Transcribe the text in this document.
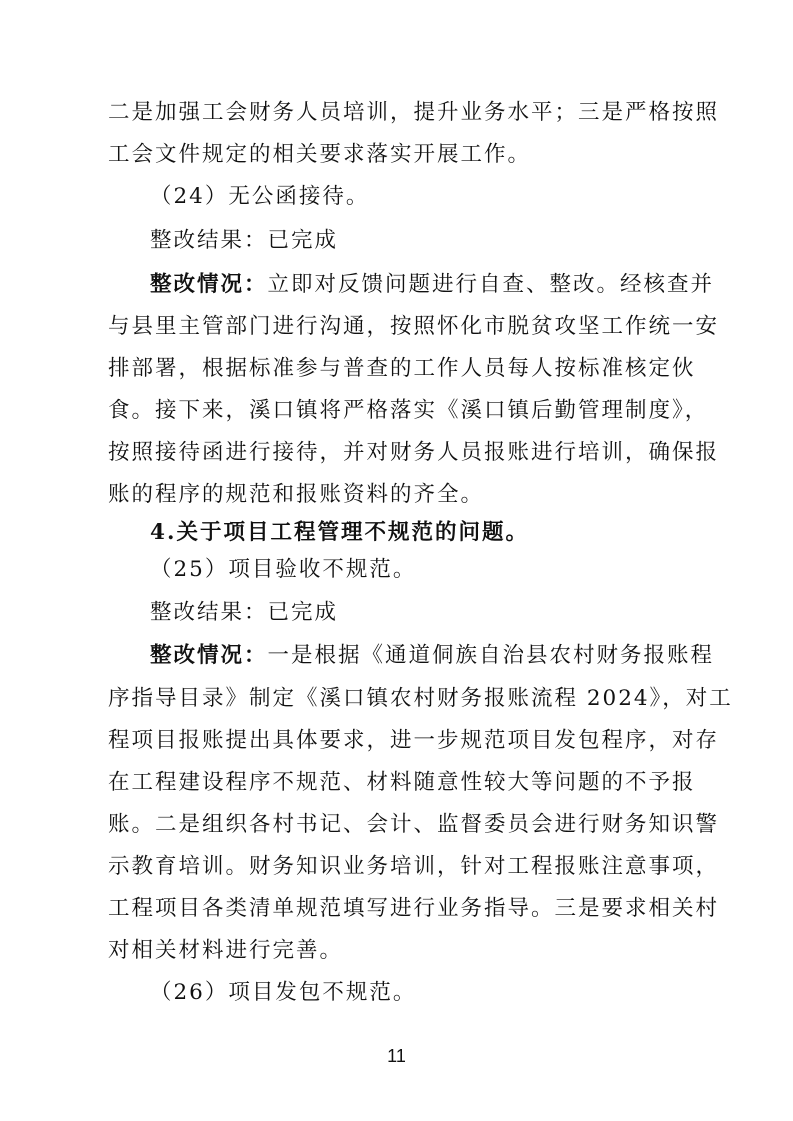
二是加强工会财务人员培训，提升业务水平；三是严格按照
工会文件规定的相关要求落实开展工作。
（24）无公函接待。
整改结果：已完成
整改情况：立即对反馈问题进行自查、整改。经核查并
与县里主管部门进行沟通，按照怀化市脱贫攻坚工作统一安
排部署，根据标准参与普查的工作人员每人按标准核定伙
食。接下来，溪口镇将严格落实《溪口镇后勤管理制度》，
按照接待函进行接待，并对财务人员报账进行培训，确保报
账的程序的规范和报账资料的齐全。
4.关于项目工程管理不规范的问题。
（25）项目验收不规范。
整改结果：已完成
整改情况：一是根据《通道侗族自治县农村财务报账程
序指导目录》制定《溪口镇农村财务报账流程 2024》，对工
程项目报账提出具体要求，进一步规范项目发包程序，对存
在工程建设程序不规范、材料随意性较大等问题的不予报
账。二是组织各村书记、会计、监督委员会进行财务知识警
示教育培训。财务知识业务培训，针对工程报账注意事项，
工程项目各类清单规范填写进行业务指导。三是要求相关村
对相关材料进行完善。
（26）项目发包不规范。
11
